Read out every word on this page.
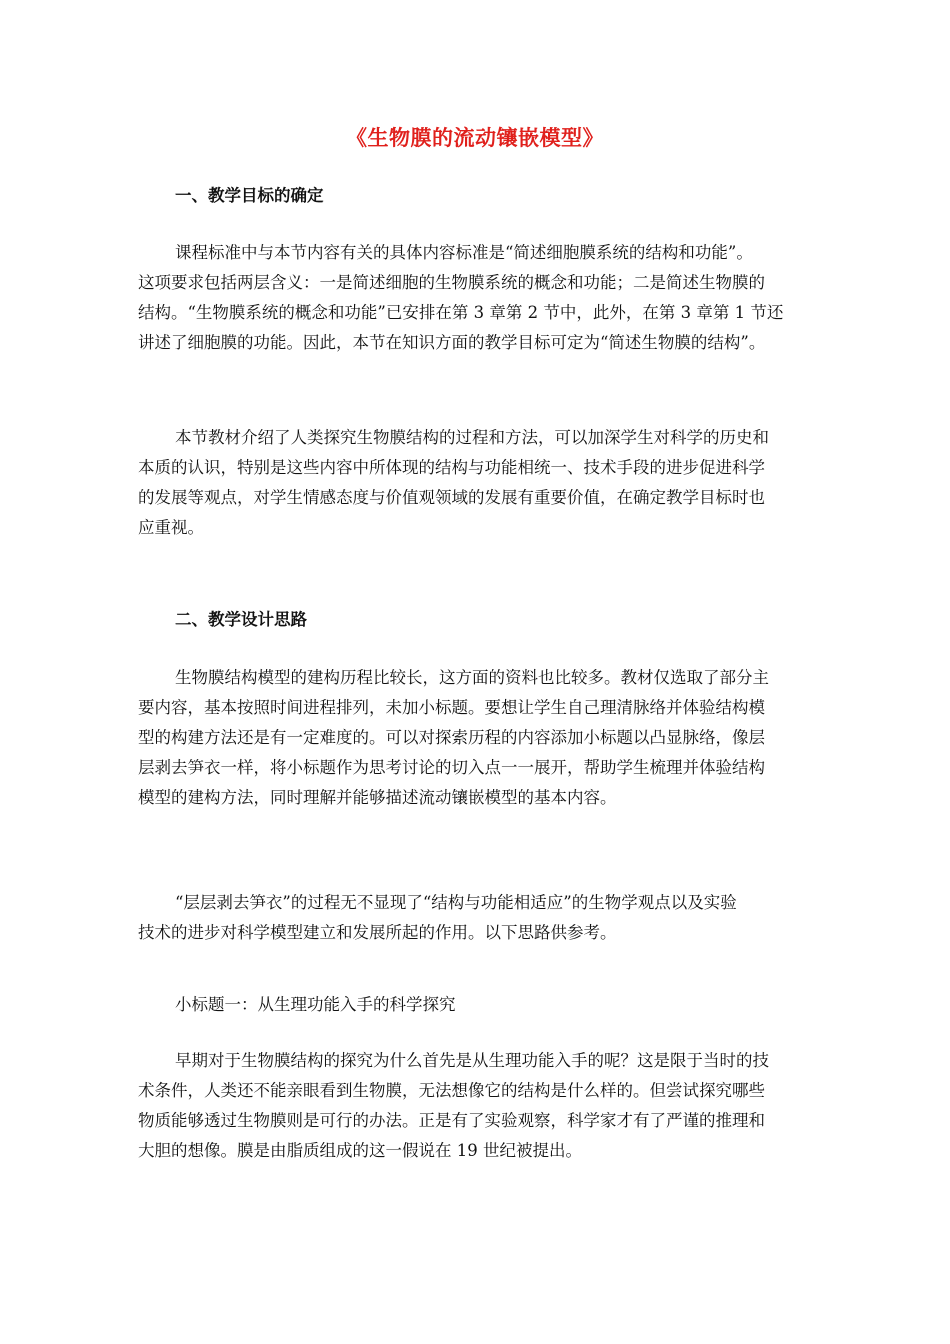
《生物膜的流动镶嵌模型》
一、教学目标的确定
课程标准中与本节内容有关的具体内容标准是“简述细胞膜系统的结构和功能”。
这项要求包括两层含义：一是简述细胞的生物膜系统的概念和功能；二是简述生物膜的
结构。“生物膜系统的概念和功能”已安排在第 3 章第 2 节中，此外，在第 3 章第 1 节还
讲述了细胞膜的功能。因此，本节在知识方面的教学目标可定为“简述生物膜的结构”。
本节教材介绍了人类探究生物膜结构的过程和方法，可以加深学生对科学的历史和
本质的认识，特别是这些内容中所体现的结构与功能相统一、技术手段的进步促进科学
的发展等观点，对学生情感态度与价值观领域的发展有重要价值，在确定教学目标时也
应重视。
二、教学设计思路
生物膜结构模型的建构历程比较长，这方面的资料也比较多。教材仅选取了部分主
要内容，基本按照时间进程排列，未加小标题。要想让学生自己理清脉络并体验结构模
型的构建方法还是有一定难度的。可以对探索历程的内容添加小标题以凸显脉络，像层
层剥去笋衣一样，将小标题作为思考讨论的切入点一一展开，帮助学生梳理并体验结构
模型的建构方法，同时理解并能够描述流动镶嵌模型的基本内容。
“层层剥去笋衣”的过程无不显现了“结构与功能相适应”的生物学观点以及实验
技术的进步对科学模型建立和发展所起的作用。以下思路供参考。
小标题一：从生理功能入手的科学探究
早期对于生物膜结构的探究为什么首先是从生理功能入手的呢？这是限于当时的技
术条件，人类还不能亲眼看到生物膜，无法想像它的结构是什么样的。但尝试探究哪些
物质能够透过生物膜则是可行的办法。正是有了实验观察，科学家才有了严谨的推理和
大胆的想像。膜是由脂质组成的这一假说在 19 世纪被提出。
